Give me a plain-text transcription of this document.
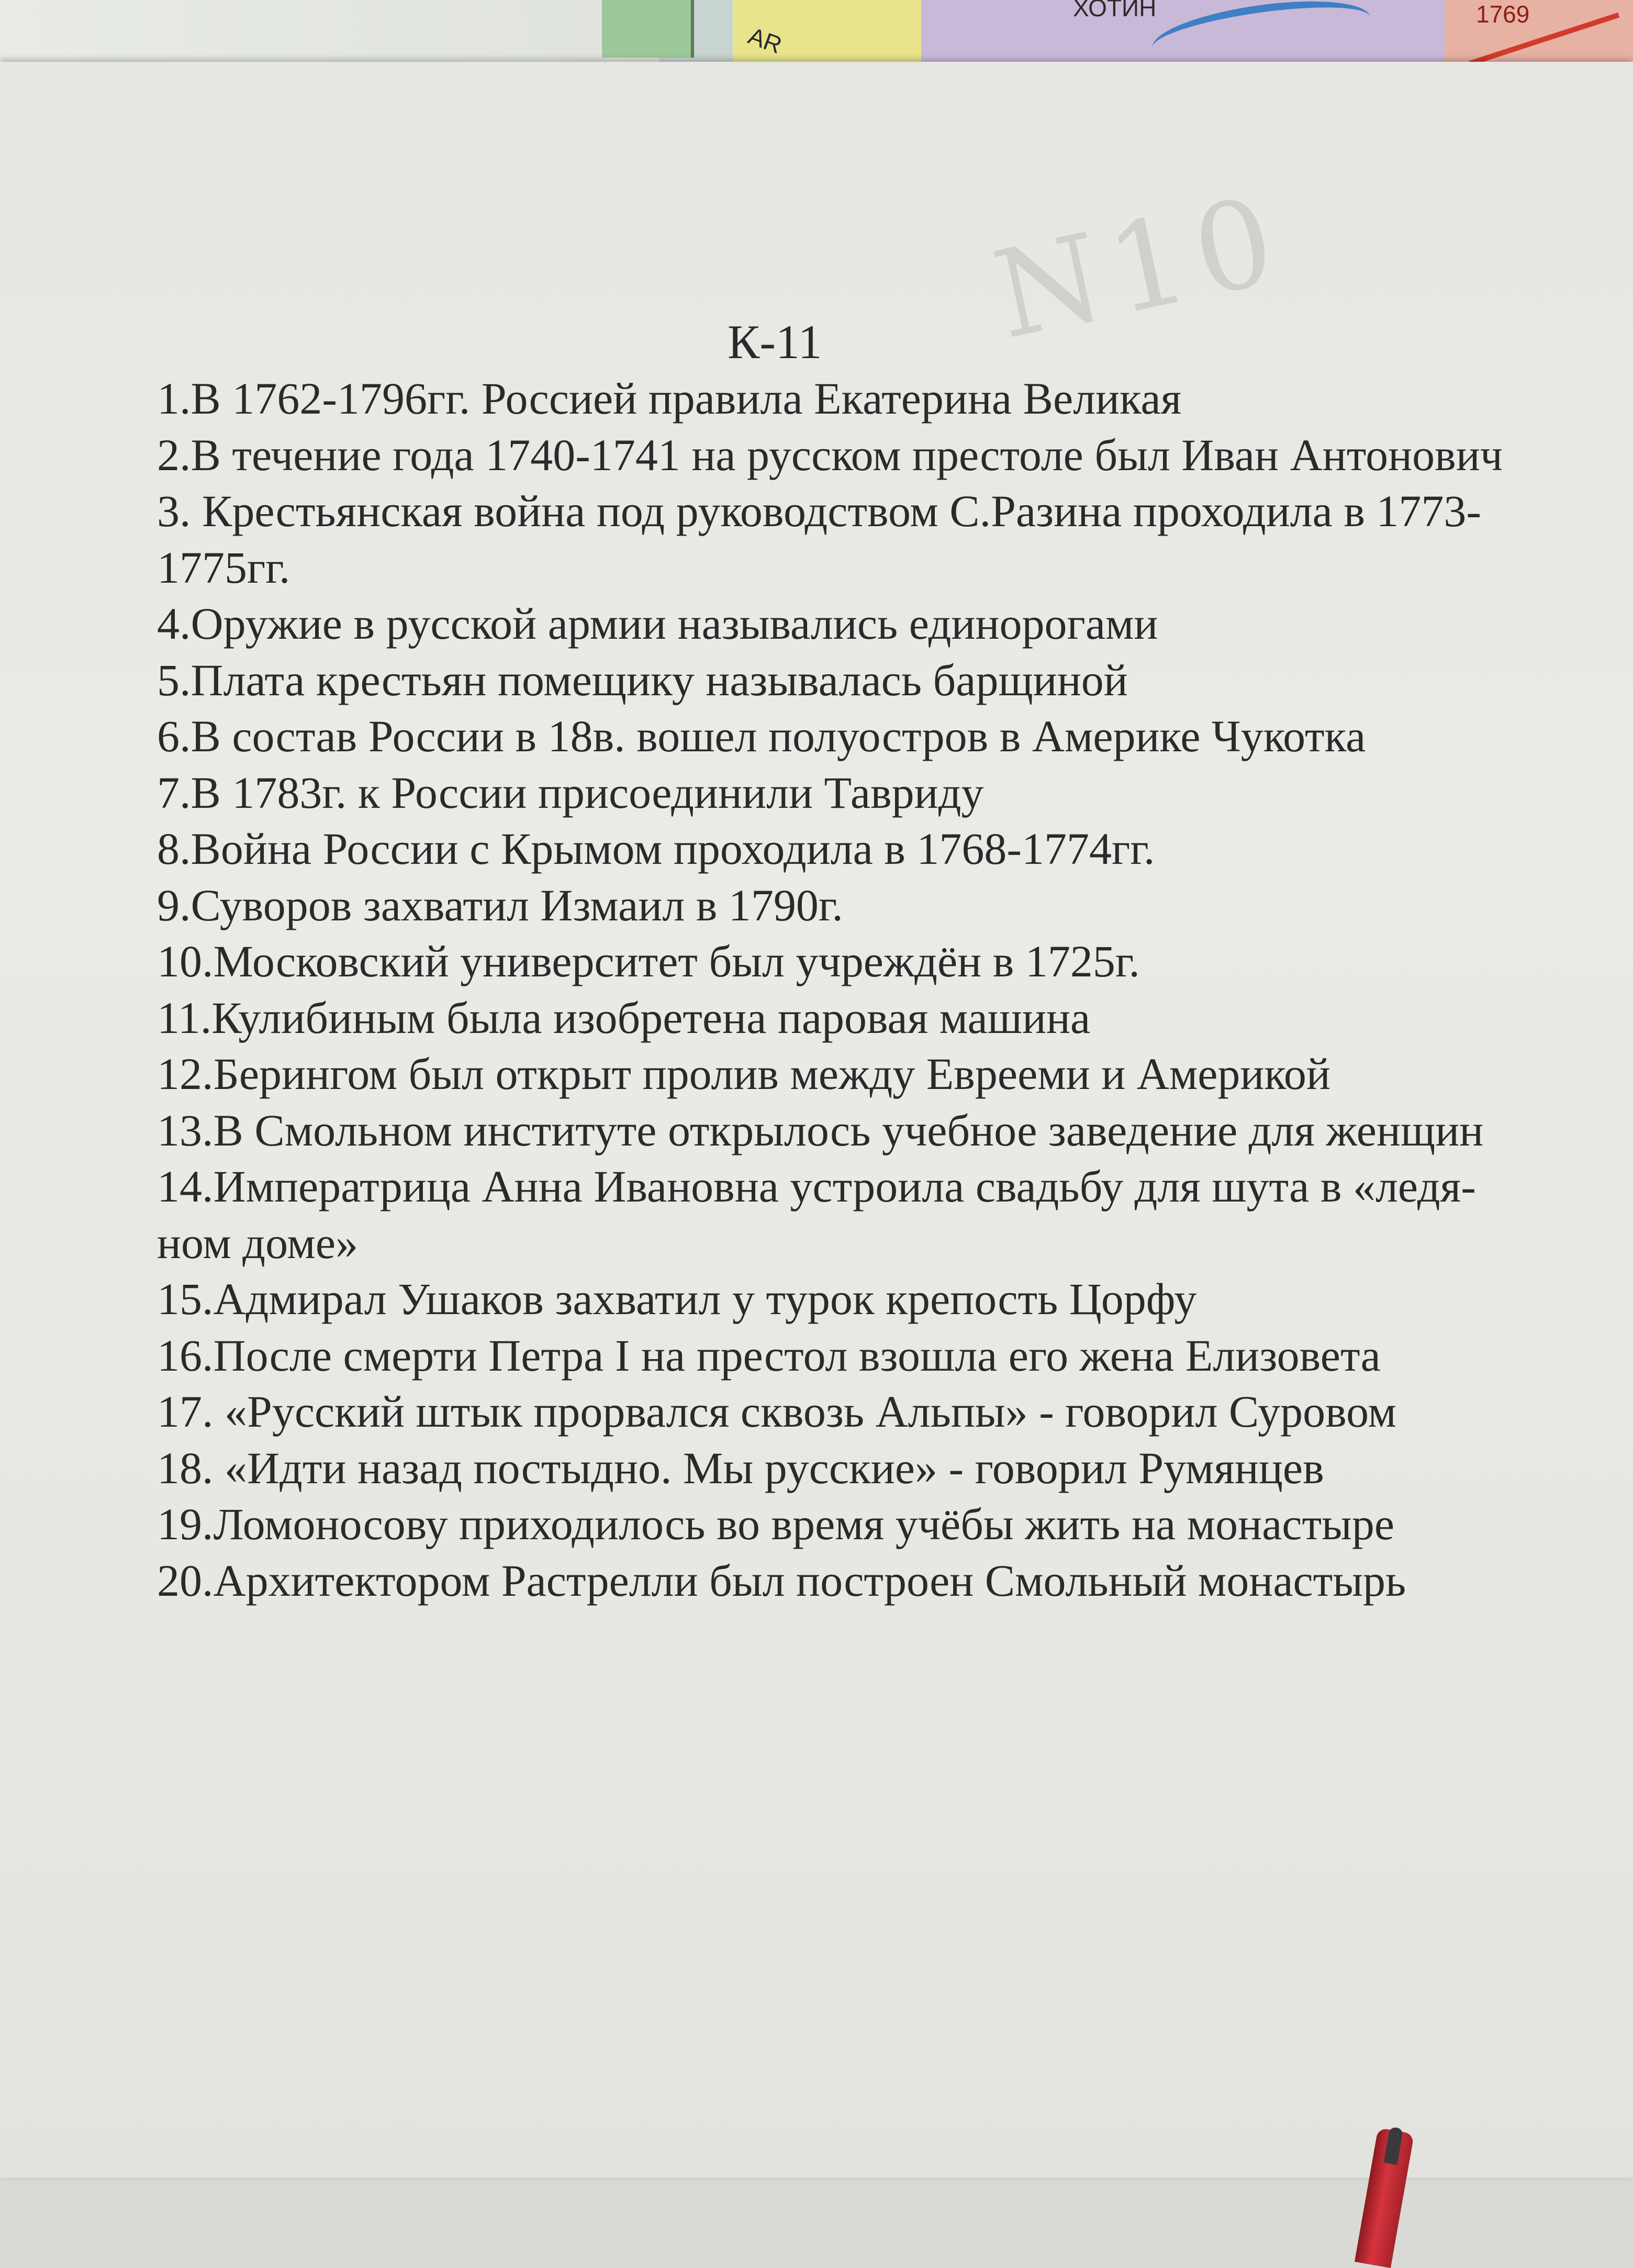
ХОТИН	1769
AR
N10
К-11
1.В 1762-1796гг. Россией правила Екатерина Великая
2.В течение года 1740-1741 на русском престоле был Иван Антонович
3. Крестьянская война под руководством С.Разина проходила в 1773-
1775гг.
4.Оружие в русской армии назывались единорогами
5.Плата крестьян помещику называлась барщиной
6.В состав России в 18в. вошел полуостров в Америке Чукотка
7.В 1783г. к России присоединили Тавриду
8.Война России с Крымом проходила в 1768-1774гг.
9.Суворов захватил Измаил в 1790г.
10.Московский университет был учреждён в 1725г.
11.Кулибиным была изобретена паровая машина
12.Берингом был открыт пролив между Еврееми и Америкой
13.В Смольном институте открылось учебное заведение для женщин
14.Императрица Анна Ивановна устроила свадьбу для шута в «ледя-
ном доме»
15.Адмирал Ушаков захватил у турок крепость Цорфу
16.После смерти Петра I на престол взошла его жена Елизовета
17. «Русский штык прорвался сквозь Альпы» - говорил Суровом
18. «Идти назад постыдно. Мы русские» - говорил Румянцев
19.Ломоносову приходилось во время учёбы жить на монастыре
20.Архитектором Растрелли был построен Смольный монастырь
